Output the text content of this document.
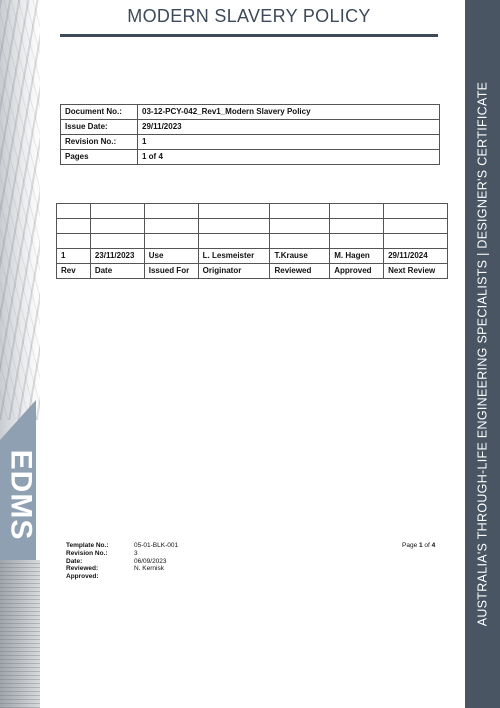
EDMS	AUSTRALIA'S THROUGH-LIFE ENGINEERING SPECIALISTS | DESIGNER'S CERTIFICATE
MODERN SLAVERY POLICY
Document No.:	03-12-PCY-042_Rev1_Modern Slavery Policy
Issue Date:	29/11/2023
Revision No.:	1
Pages	1 of 4

1	23/11/2023	Use	L. Lesmeister	T.Krause	M. Hagen	29/11/2024
Rev	Date	Issued For	Originator	Reviewed	Approved	Next Review
Template No.:	05-01-BLK-001
Revision No.:	3
Date:	06/09/2023
Reviewed:	N. Kernisk
Approved:
Page 1 of 4
